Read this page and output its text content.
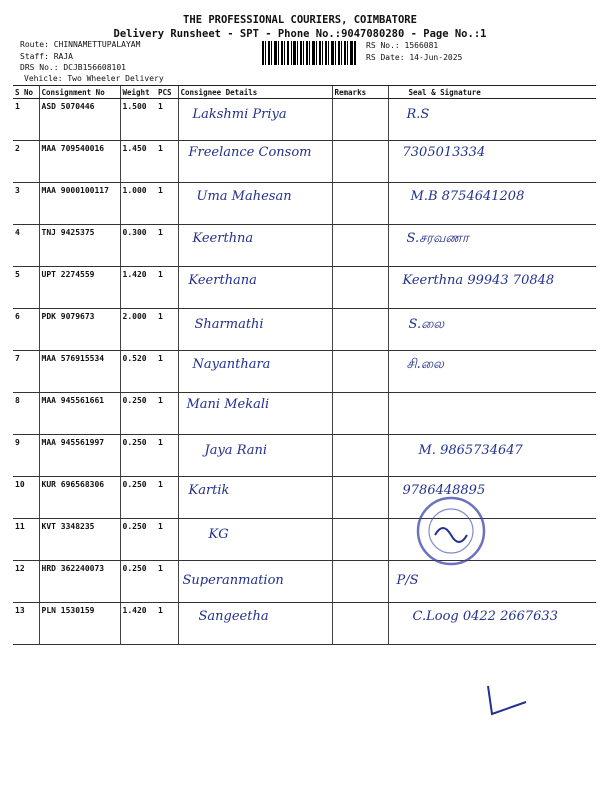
THE PROFESSIONAL COURIERS, COIMBATORE
Delivery Runsheet - SPT - Phone No.:9047080280 - Page No.:1
Route: CHINNAMETTUPALAYAM
Staff: RAJA
DRS No.: DCJB156608101
Vehicle: Two Wheeler Delivery
RS No.: 1566081
RS Date: 14-Jun-2025
S No	Consignment No	Weight	PCS	Consignee Details	Remarks	Seal & Signature
1	ASD 5070446	1.500	1	Lakshmi Priya		R.S

2	MAA 709540016	1.450	1	Freelance Consom		7305013334

3	MAA 9000100117	1.000	1	Uma Mahesan		M.B 8754641208

4	TNJ 9425375	0.300	1	Keerthna		S.சரவணா

5	UPT 2274559	1.420	1	Keerthana		Keerthna 99943 70848

6	PDK 9079673	2.000	1	Sharmathi		S.லை

7	MAA 576915534	0.520	1	Nayanthara		சி.லை

8	MAA 945561661	0.250	1	Mani Mekali		

9	MAA 945561997	0.250	1	Jaya Rani		M. 9865734647

10	KUR 696568306	0.250	1	Kartik		9786448895

11	KVT 3348235	0.250	1	KG		

12	HRD 362240073	0.250	1	Superanmation		P/S

13	PLN 1530159	1.420	1	Sangeetha		C.Loog 0422 2667633
